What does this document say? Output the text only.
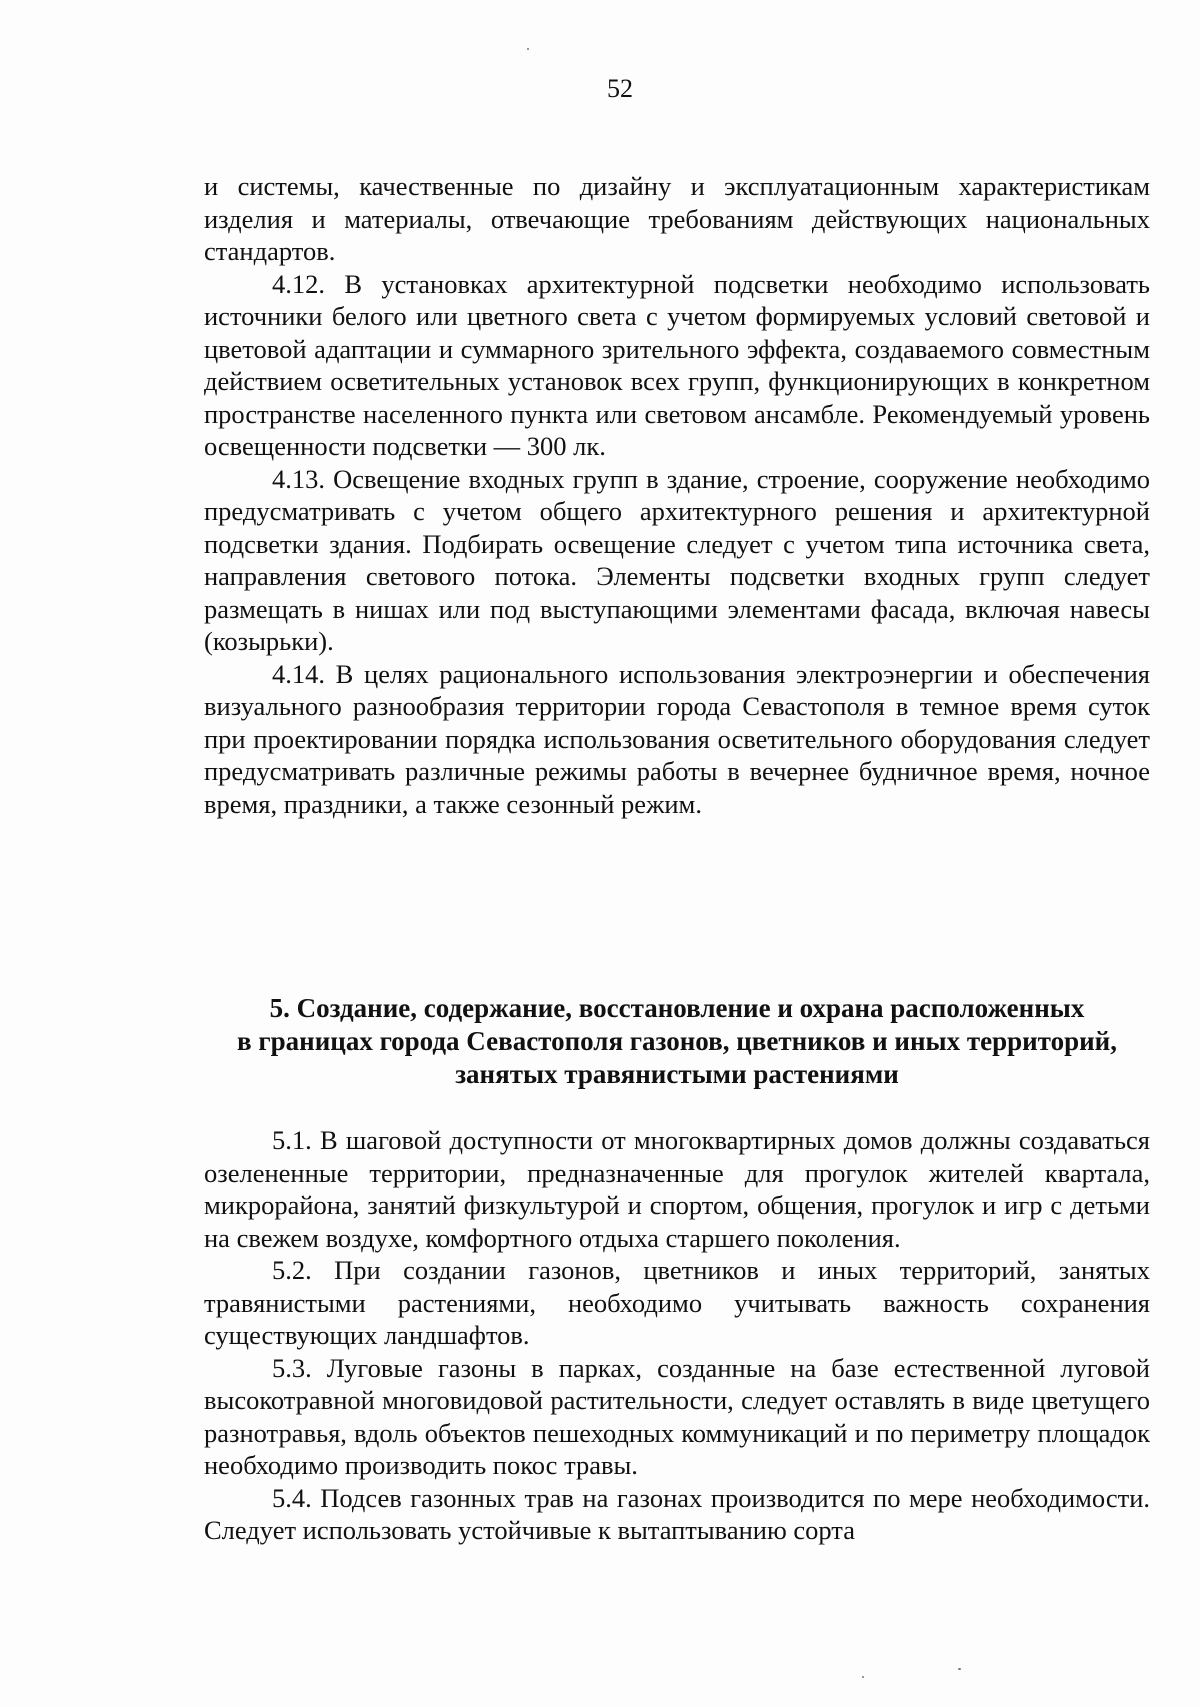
52

и системы, качественные по дизайну и эксплуатационным характеристикам изделия и материалы, отвечающие требованиям действующих национальных стандартов.

4.12. В установках архитектурной подсветки необходимо использовать источники белого или цветного света с учетом формируемых условий световой и цветовой адаптации и суммарного зрительного эффекта, создаваемого совместным действием осветительных установок всех групп, функционирующих в конкретном пространстве населенного пункта или световом ансамбле. Рекомендуемый уровень освещенности подсветки — 300 лк.

4.13. Освещение входных групп в здание, строение, сооружение необходимо предусматривать с учетом общего архитектурного решения и архитектурной подсветки здания. Подбирать освещение следует с учетом типа источника света, направления светового потока. Элементы подсветки входных групп следует размещать в нишах или под выступающими элементами фасада, включая навесы (козырьки).

4.14. В целях рационального использования электроэнергии и обеспечения визуального разнообразия территории города Севастополя в темное время суток при проектировании порядка использования осветительного оборудования следует предусматривать различные режимы работы в вечернее будничное время, ночное время, праздники, а также сезонный режим.

5. Создание, содержание, восстановление и охрана расположенных
в границах города Севастополя газонов, цветников и иных территорий,
занятых травянистыми растениями

5.1. В шаговой доступности от многоквартирных домов должны создаваться озелененные территории, предназначенные для прогулок жителей квартала, микрорайона, занятий физкультурой и спортом, общения, прогулок и игр с детьми на свежем воздухе, комфортного отдыха старшего поколения.

5.2. При создании газонов, цветников и иных территорий, занятых травянистыми растениями, необходимо учитывать важность сохранения существующих ландшафтов.

5.3. Луговые газоны в парках, созданные на базе естественной луговой высокотравной многовидовой растительности, следует оставлять в виде цветущего разнотравья, вдоль объектов пешеходных коммуникаций и по периметру площадок необходимо производить покос травы.

5.4. Подсев газонных трав на газонах производится по мере необходимости. Следует использовать устойчивые к вытаптыванию сорта
